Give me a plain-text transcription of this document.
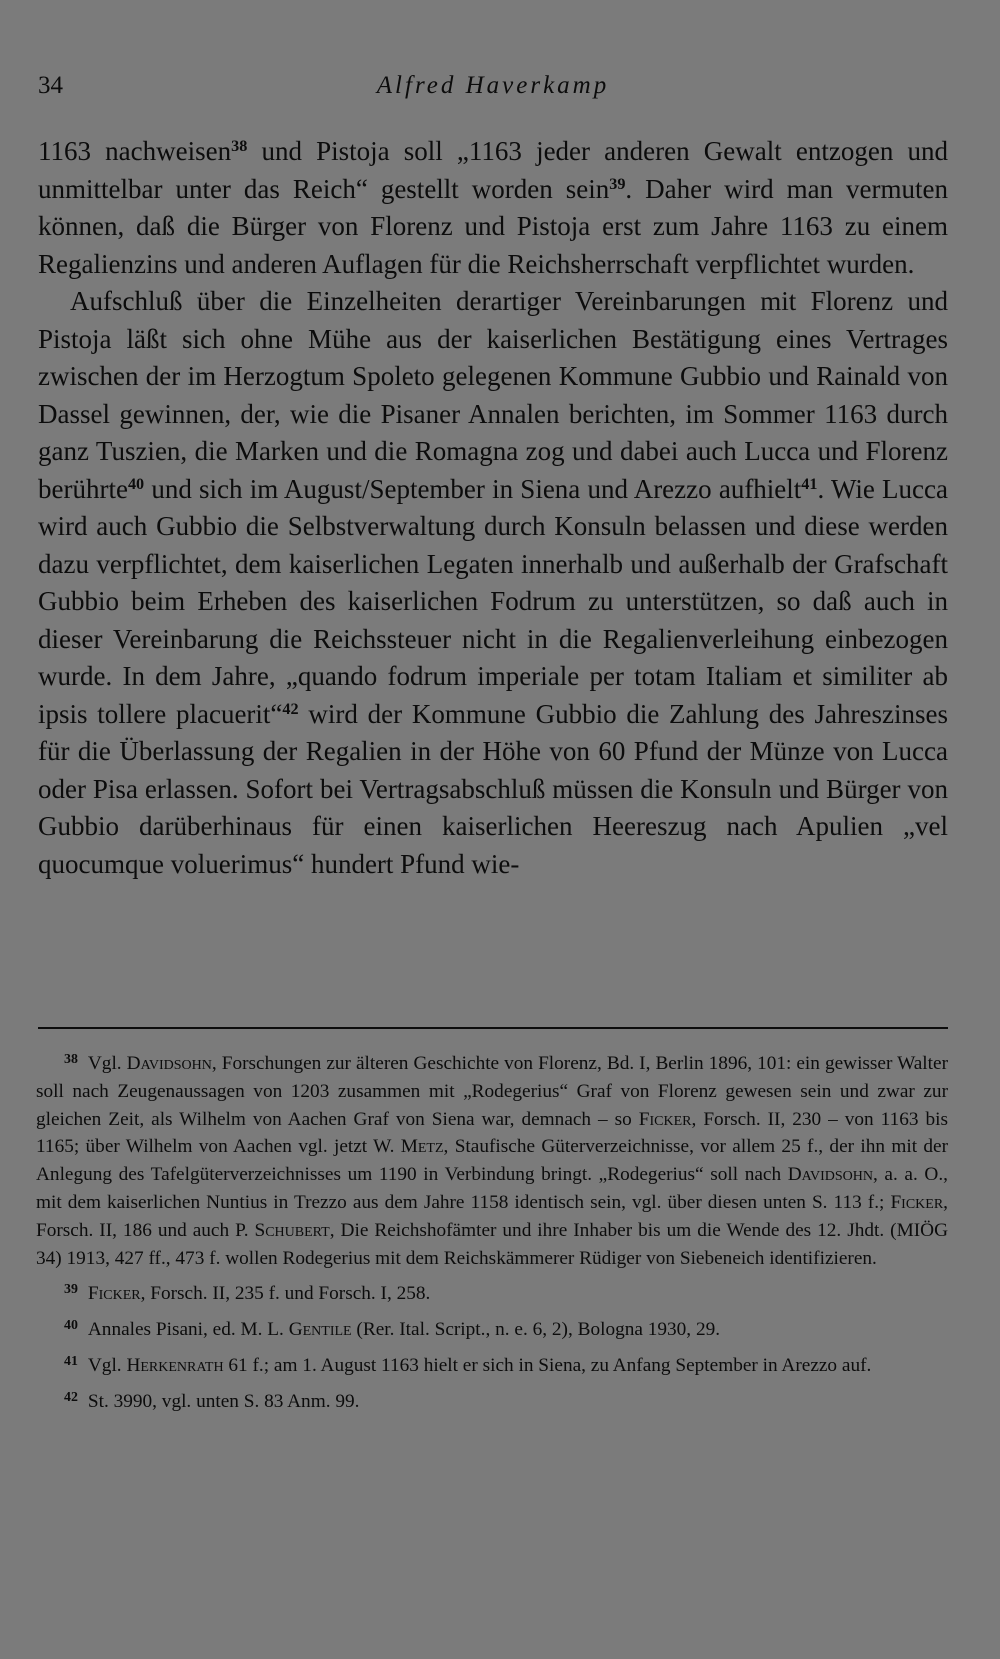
34	Alfred Haverkamp

1163 nachweisen$^{38}$ und Pistoja soll „1163 jeder anderen Gewalt entzogen und unmittelbar unter das Reich“ gestellt worden sein$^{39}$. Daher wird man vermuten können, daß die Bürger von Florenz und Pistoja erst zum Jahre 1163 zu einem Regalienzins und anderen Auflagen für die Reichsherrschaft verpflichtet wurden.

Aufschluß über die Einzelheiten derartiger Vereinbarungen mit Florenz und Pistoja läßt sich ohne Mühe aus der kaiserlichen Bestätigung eines Vertrages zwischen der im Herzogtum Spoleto gelegenen Kommune Gubbio und Rainald von Dassel gewinnen, der, wie die Pisaner Annalen berichten, im Sommer 1163 durch ganz Tuszien, die Marken und die Romagna zog und dabei auch Lucca und Florenz berührte$^{40}$ und sich im August/September in Siena und Arezzo aufhielt$^{41}$. Wie Lucca wird auch Gubbio die Selbstverwaltung durch Konsuln belassen und diese werden dazu verpflichtet, dem kaiserlichen Legaten innerhalb und außerhalb der Grafschaft Gubbio beim Erheben des kaiserlichen Fodrum zu unterstützen, so daß auch in dieser Vereinbarung die Reichssteuer nicht in die Regalienverleihung einbezogen wurde. In dem Jahre, „quando fodrum imperiale per totam Italiam et similiter ab ipsis tollere placuerit“$^{42}$ wird der Kommune Gubbio die Zahlung des Jahreszinses für die Überlassung der Regalien in der Höhe von 60 Pfund der Münze von Lucca oder Pisa erlassen. Sofort bei Vertragsabschluß müssen die Konsuln und Bürger von Gubbio darüberhinaus für einen kaiserlichen Heereszug nach Apulien „vel quocumque voluerimus“ hundert Pfund wie-

$^{38}$ Vgl. Davidsohn, Forschungen zur älteren Geschichte von Florenz, Bd. I, Berlin 1896, 101: ein gewisser Walter soll nach Zeugenaussagen von 1203 zusammen mit „Rodegerius“ Graf von Florenz gewesen sein und zwar zur gleichen Zeit, als Wilhelm von Aachen Graf von Siena war, demnach – so Ficker, Forsch. II, 230 – von 1163 bis 1165; über Wilhelm von Aachen vgl. jetzt W. Metz, Staufische Güterverzeichnisse, vor allem 25 f., der ihn mit der Anlegung des Tafelgüterverzeichnisses um 1190 in Verbindung bringt. „Rodegerius“ soll nach Davidsohn, a. a. O., mit dem kaiserlichen Nuntius in Trezzo aus dem Jahre 1158 identisch sein, vgl. über diesen unten S. 113 f.; Ficker, Forsch. II, 186 und auch P. Schubert, Die Reichshofämter und ihre Inhaber bis um die Wende des 12. Jhdt. (MIÖG 34) 1913, 427 ff., 473 f. wollen Rodegerius mit dem Reichskämmerer Rüdiger von Siebeneich identifizieren.

$^{39}$ Ficker, Forsch. II, 235 f. und Forsch. I, 258.

$^{40}$ Annales Pisani, ed. M. L. Gentile (Rer. Ital. Script., n. e. 6, 2), Bologna 1930, 29.

$^{41}$ Vgl. Herkenrath 61 f.; am 1. August 1163 hielt er sich in Siena, zu Anfang September in Arezzo auf.

$^{42}$ St. 3990, vgl. unten S. 83 Anm. 99.
